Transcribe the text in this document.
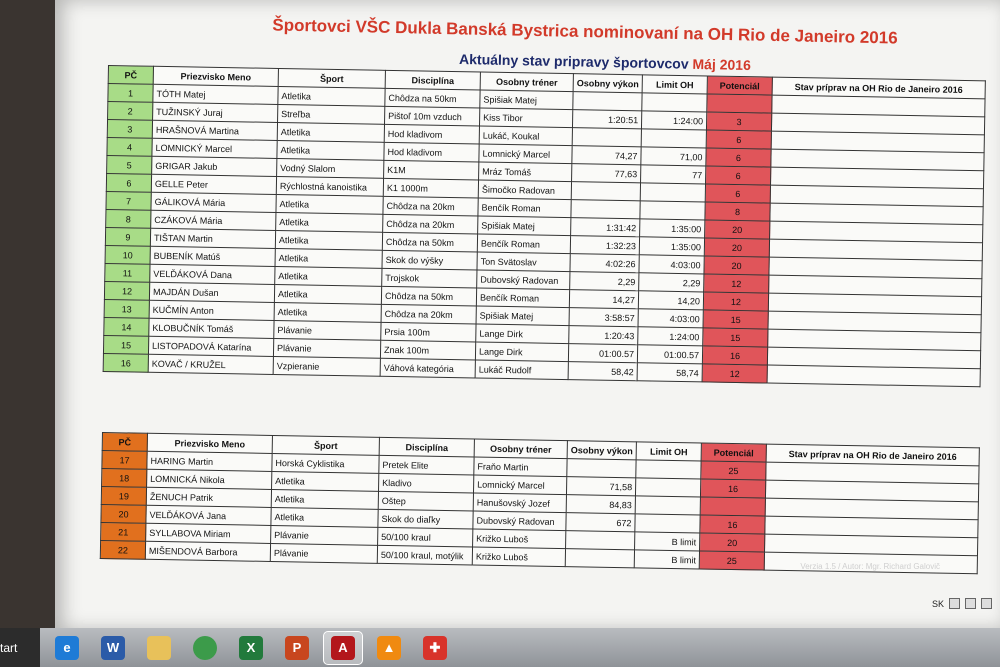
Športovci VŠC Dukla Banská Bystrica nominovaní na OH Rio de Janeiro 2016
Aktuálny stav pripravy športovcov Máj 2016
PČ	Priezvisko Meno	Šport	Disciplína	Osobny tréner	Osobny výkon	Limit OH	Potenciál	Stav príprav na OH Rio de Janeiro 2016
1	TÓTH Matej	Atletika	Chôdza na 50km	Spišiak Matej				
2	TUŽINSKÝ Juraj	Streľba	Pištoľ 10m vzduch	Kiss Tibor	1:20:51	1:24:00	3	
3	HRAŠNOVÁ Martina	Atletika	Hod kladivom	Lukáč, Koukal			6	
4	LOMNICKÝ Marcel	Atletika	Hod kladivom	Lomnický Marcel	74,27	71,00	6	
5	GRIGAR Jakub	Vodný Slalom	K1M	Mráz Tomáš	77,63	77	6	
6	GELLE Peter	Rýchlostná kanoistika	K1 1000m	Šimočko Radovan			6	
7	GÁLIKOVÁ Mária	Atletika	Chôdza na 20km	Benčík Roman			8	
8	CZÁKOVÁ Mária	Atletika	Chôdza na 20km	Spišiak Matej	1:31:42	1:35:00	20	
9	TIŠTAN Martin	Atletika	Chôdza na 50km	Benčík Roman	1:32:23	1:35:00	20	
10	BUBENÍK Matúš	Atletika	Skok do výšky	Ton Svätoslav	4:02:26	4:03:00	20	
11	VELĎÁKOVÁ Dana	Atletika	Trojskok	Dubovský Radovan	2,29	2,29	12	
12	MAJDÁN Dušan	Atletika	Chôdza na 50km	Benčík Roman	14,27	14,20	12	
13	KUČMÍN Anton	Atletika	Chôdza na 20km	Spišiak Matej	3:58:57	4:03:00	15	
14	KLOBUČNÍK Tomáš	Plávanie	Prsia 100m	Lange Dirk	1:20:43	1:24:00	15	
15	LISTOPADOVÁ Katarína	Plávanie	Znak 100m	Lange Dirk	01:00.57	01:00.57	16	
16	KOVAČ / KRUŽEL	Vzpieranie	Váhová kategória	Lukáč Rudolf	58,42	58,74	12	
PČ	Priezvisko Meno	Šport	Disciplína	Osobny tréner	Osobny výkon	Limit OH	Potenciál	Stav príprav na OH Rio de Janeiro 2016
17	HARING Martin	Horská Cyklistika	Pretek Elite	Fraňo Martin			25	
18	LOMNICKÁ Nikola	Atletika	Kladivo	Lomnický Marcel	71,58		16	
19	ŽENUCH Patrik	Atletika	Oštep	Hanušovský Jozef	84,83			
20	VELĎÁKOVÁ Jana	Atletika	Skok do diaľky	Dubovský Radovan	672		16	
21	SYLLABOVA Miriam	Plávanie	50/100 kraul	Križko Luboš		B limit	20	
22	MIŠENDOVÁ Barbora	Plávanie	50/100 kraul, motýlik	Križko Luboš		B limit	25	
Verzia 1.5 / Autor: Mgr. Richard Galovič
SK
tart	e	W	X	P	A	▲	✚
